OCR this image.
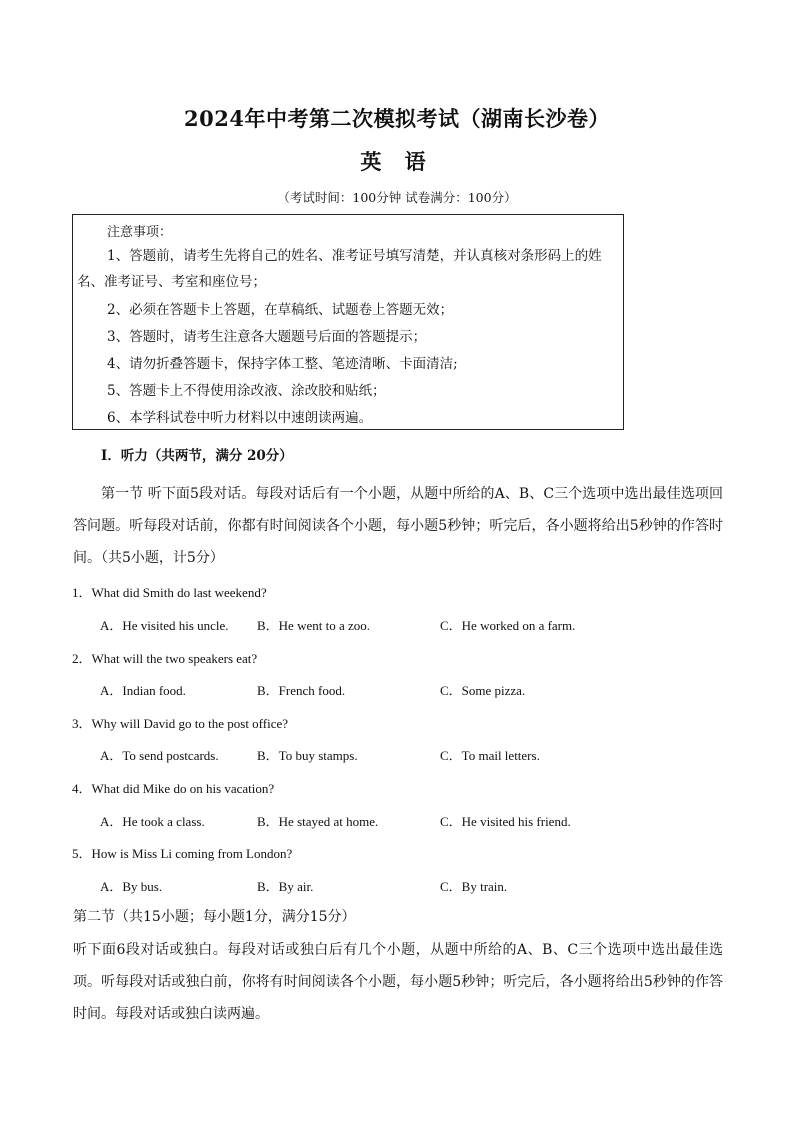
2024年中考第二次模拟考试（湖南长沙卷）
英 语
（考试时间：100分钟 试卷满分：100分）
注意事项：
1、答题前，请考生先将自己的姓名、准考证号填写清楚，并认真核对条形码上的姓
名、准考证号、考室和座位号；
2、必须在答题卡上答题，在草稿纸、试题卷上答题无效；
3、答题时，请考生注意各大题题号后面的答题提示；
4、请勿折叠答题卡，保持字体工整、笔迹清晰、卡面清洁;
5、答题卡上不得使用涂改液、涂改胶和贴纸；
6、本学科试卷中听力材料以中速朗读两遍。
I．听力（共两节，满分 20分）
第一节 听下面5段对话。每段对话后有一个小题，从题中所给的A、B、C三个选项中选出最佳选项回答问题。听每段对话前，你都有时间阅读各个小题，每小题5秒钟；听完后，各小题将给出5秒钟的作答时间。（共5小题，计5分）
1．What did Smith do last weekend?
A．He visited his uncle. B．He went to a zoo.	C．He worked on a farm.
2．What will the two speakers eat?
A．Indian food.	B．French food.	C．Some pizza.
3．Why will David go to the post office?
A．To send postcards.	B．To buy stamps.	C．To mail letters.
4．What did Mike do on his vacation?
A．He took a class.	B．He stayed at home.	C．He visited his friend.
5．How is Miss Li coming from London?
A．By bus.	B．By air.	C．By train.
第二节（共15小题；每小题1分，满分15分）
听下面6段对话或独白。每段对话或独白后有几个小题，从题中所给的A、B、C三个选项中选出最佳选项。听每段对话或独白前，你将有时间阅读各个小题，每小题5秒钟；听完后，各小题将给出5秒钟的作答时间。每段对话或独白读两遍。
